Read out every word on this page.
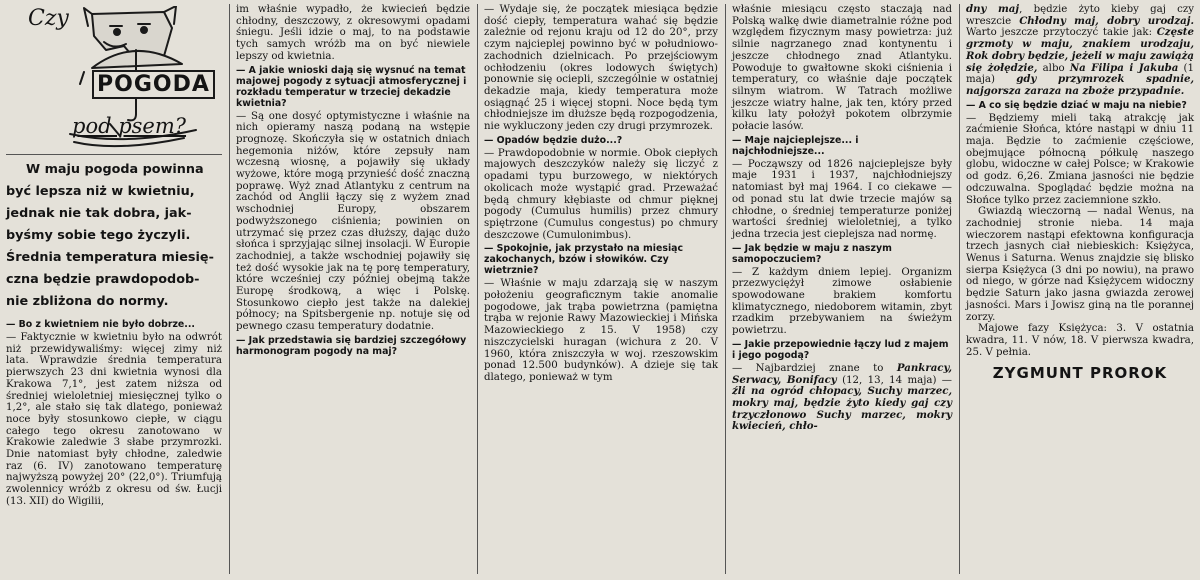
Czy
POGODA
pod psem?

W maju pogoda powinna

być lepsza niż w kwietniu,

jednak nie tak dobra, jak-

byśmy sobie tego życzyli.

Średnia temperatura miesię-

czna będzie prawdopodob-

nie zbliżona do normy.

— Bo z kwietniem nie było dobrze...

— Faktycznie w kwietniu było na odwrót niż przewidywaliśmy: więcej zimy niż lata. Wprawdzie średnia temperatura pierwszych 23 dni kwietnia wynosi dla Krakowa 7,1°, jest zatem niższa od średniej wieloletniej miesięcznej tylko o 1,2°, ale stało się tak dlatego, ponieważ noce były stosunkowo ciepłe, w ciągu całego tego okresu zanotowano w Krakowie zaledwie 3 słabe przymrozki. Dnie natomiast były chłodne, zaledwie raz (6. IV) zanotowano temperaturę najwyższą powyżej 20° (22,0°). Triumfują zwolennicy wróżb z okresu od św. Łucji (13. XII) do Wigilii,

im właśnie wypadło, że kwiecień będzie chłodny, deszczowy, z okresowymi opadami śniegu. Jeśli idzie o maj, to na podstawie tych samych wróżb ma on być niewiele lepszy od kwietnia.

— A jakie wnioski dają się wysnuć na temat majowej pogody z sytuacji atmosferycznej i rozkładu temperatur w trzeciej dekadzie kwietnia?

— Są one dosyć optymistyczne i właśnie na nich opieramy naszą podaną na wstępie prognozę. Skończyła się w ostatnich dniach hegemonia niżów, które zepsuły nam wczesną wiosnę, a pojawiły się układy wyżowe, które mogą przynieść dość znaczną poprawę. Wyż znad Atlantyku z centrum na zachód od Anglii łączy się z wyżem znad wschodniej Europy, obszarem podwyższonego ciśnienia; powinien on utrzymać się przez czas dłuższy, dając dużo słońca i sprzyjając silnej insolacji. W Europie zachodniej, a także wschodniej pojawiły się też dość wysokie jak na tę porę temperatury, które wcześniej czy później obejmą także Europę środkową, a więc i Polskę. Stosunkowo ciepło jest także na dalekiej północy; na Spitsbergenie np. notuje się od pewnego czasu temperatury dodatnie.

— Jak przedstawia się bardziej szczegółowy harmonogram pogody na maj?

— Wydaje się, że początek miesiąca będzie dość ciepły, temperatura wahać się będzie zależnie od rejonu kraju od 12 do 20°, przy czym najcieplej powinno być w południowo-zachodnich dzielnicach. Po przejściowym ochłodzeniu (okres lodowych świętych) ponownie się ociepli, szczególnie w ostatniej dekadzie maja, kiedy temperatura może osiągnąć 25 i więcej stopni. Noce będą tym chłodniejsze im dłuższe będą rozpogodzenia, nie wykluczony jeden czy drugi przymrozek.

— Opadów będzie dużo...?

— Prawdopodobnie w normie. Obok ciepłych majowych deszczyków należy się liczyć z opadami typu burzowego, w niektórych okolicach może wystąpić grad. Przeważać będą chmury kłębiaste od chmur pięknej pogody (Cumulus humilis) przez chmury spiętrzone (Cumulus congestus) po chmury deszczowe (Cumulonimbus).

— Spokojnie, jak przystało na miesiąc zakochanych, bzów i słowików. Czy wietrznie?

— Właśnie w maju zdarzają się w naszym położeniu geograficznym takie anomalie pogodowe, jak trąba powietrzna (pamiętna trąba w rejonie Rawy Mazowieckiej i Mińska Mazowieckiego z 15. V 1958) czy niszczycielski huragan (wichura z 20. V 1960, która zniszczyła w woj. rzeszowskim ponad 12.500 budynków). A dzieje się tak dlatego, ponieważ w tym

właśnie miesiącu często staczają nad Polską walkę dwie diametralnie różne pod względem fizycznym masy powietrza: już silnie nagrzanego znad kontynentu i jeszcze chłodnego znad Atlantyku. Powoduje to gwałtowne skoki ciśnienia i temperatury, co właśnie daje początek silnym wiatrom. W Tatrach możliwe jeszcze wiatry halne, jak ten, który przed kilku laty położył pokotem olbrzymie połacie lasów.

— Maje najcieplejsze... i najchłodniejsze...

— Począwszy od 1826 najcieplejsze były maje 1931 i 1937, najchłodniejszy natomiast był maj 1964. I co ciekawe — od ponad stu lat dwie trzecie majów są chłodne, o średniej temperaturze poniżej wartości średniej wieloletniej, a tylko jedna trzecia jest cieplejsza nad normę.

— Jak będzie w maju z naszym samopoczuciem?

— Z każdym dniem lepiej. Organizm przezwyciężył zimowe osłabienie spowodowane brakiem komfortu klimatycznego, niedoborem witamin, zbyt rzadkim przebywaniem na świeżym powietrzu.

— Jakie przepowiednie łączy lud z majem i jego pogodą?

— Najbardziej znane to Pankracy, Serwacy, Bonifacy (12, 13, 14 maja) — źli na ogród chłopacy, Suchy marzec, mokry maj, będzie żyto kiedy gaj czy trzyczłonowo Suchy marzec, mokry kwiecień, chło-

dny maj, będzie żyto kieby gaj czy wreszcie Chłodny maj, dobry urodzaj. Warto jeszcze przytoczyć takie jak: Częste grzmoty w maju, znakiem urodzaju, Rok dobry będzie, jeżeli w maju zawiążą się żołędzie, albo Na Filipa i Jakuba (1 maja) gdy przymrozek spadnie, najgorsza zaraza na zboże przypadnie.

— A co się będzie dziać w maju na niebie?

— Będziemy mieli taką atrakcję jak zaćmienie Słońca, które nastąpi w dniu 11 maja. Będzie to zaćmienie częściowe, obejmujące północną półkulę naszego globu, widoczne w całej Polsce; w Krakowie od godz. 6,26. Zmiana jasności nie będzie odczuwalna. Spoglądać będzie można na Słońce tylko przez zaciemnione szkło.

Gwiazdą wieczorną — nadal Wenus, na zachodniej stronie nieba. 14 maja wieczorem nastąpi efektowna konfiguracja trzech jasnych ciał niebieskich: Księżyca, Wenus i Saturna. Wenus znajdzie się blisko sierpa Księżyca (3 dni po nowiu), na prawo od niego, w górze nad Księżycem widoczny będzie Saturn jako jasna gwiazda zerowej jasności. Mars i Jowisz giną na tle porannej zorzy.

Majowe fazy Księżyca: 3. V ostatnia kwadra, 11. V nów, 18. V pierwsza kwadra, 25. V pełnia.

ZYGMUNT PROROK
